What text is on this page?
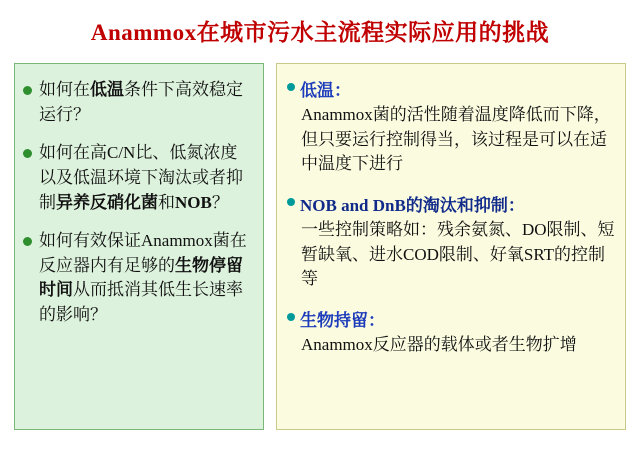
Anammox在城市污水主流程实际应用的挑战
如何在低温条件下高效稳定运行？
如何在高C/N比、低氮浓度以及低温环境下淘汰或者抑制异养反硝化菌和NOB？
如何有效保证Anammox菌在反应器内有足够的生物停留时间从而抵消其低生长速率的影响？
低温：
Anammox菌的活性随着温度降低而下降，但只要运行控制得当，该过程是可以在适中温度下进行
NOB and DnB的淘汰和抑制：
一些控制策略如：残余氨氮、DO限制、短暂缺氧、进水COD限制、好氧SRT的控制等
生物持留：
Anammox反应器的载体或者生物扩增
